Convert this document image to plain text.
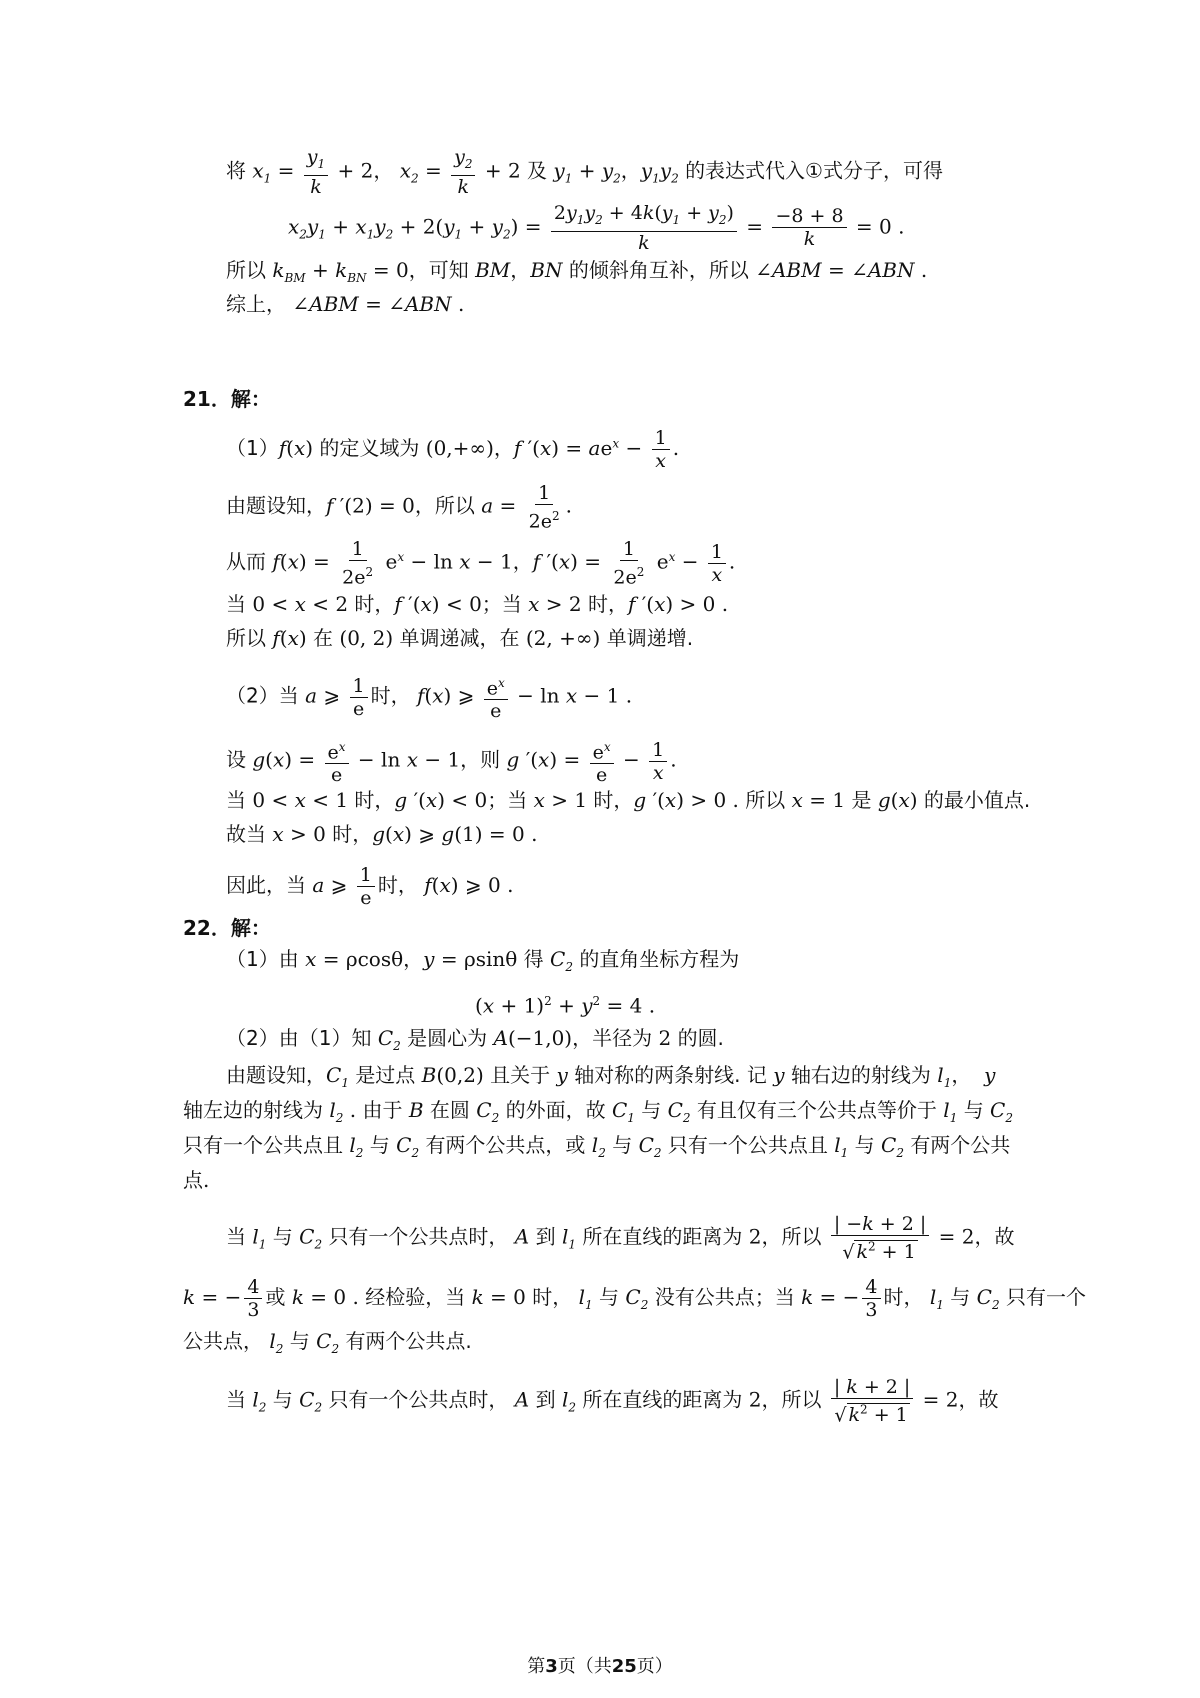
将 $x_1 = \frac{y_1}{k} + 2$， $x_2 = \frac{y_2}{k} + 2$ 及 $y_1 + y_2$，$y_1y_2$ 的表达式代入①式分子，可得
$x_2y_1 + x_1y_2 + 2(y_1 + y_2) = \frac{2y_1y_2 + 4k(y_1 + y_2)}{k} = \frac{-8 + 8}{k} = 0$ .
所以 $k_{BM} + k_{BN} = 0$，可知 BM，BN 的倾斜角互补，所以 ∠ABM = ∠ABN .
综上， ∠ABM = ∠ABN .
21．解：
（1）f(x) 的定义域为 (0,+∞)，f $'(x) = ae^x - \frac{1}{x}$ .
由题设知，f ′(2) = 0，所以 $a = \frac{1}{2e^2}$ .
从而 $f(x) = \frac{1}{2e^2} e^x - \ln x - 1$，f $'(x) = \frac{1}{2e^2} e^x - \frac{1}{x}$ .
当 0 < x < 2 时，f ′(x) < 0；当 x > 2 时，f ′(x) > 0 .
所以 f(x) 在 (0, 2) 单调递减，在 (2, +∞) 单调递增.
（2）当 a ⩾ $\frac{1}{e}$ 时， f(x) ⩾ $\frac{e^x}{e} - \ln x - 1$ .
设 $g(x) = \frac{e^x}{e} - \ln x - 1$，则 g $'(x) = \frac{e^x}{e} - \frac{1}{x}$ .
当 0 < x < 1 时，g ′(x) < 0；当 x > 1 时，g ′(x) > 0 . 所以 x = 1 是 g(x) 的最小值点.
故当 x > 0 时，g(x) ⩾ g(1) = 0 .
因此，当 a ⩾ $\frac{1}{e}$ 时， f(x) ⩾ 0 .
22．解：
（1）由 x = ρcosθ，y = ρsinθ 得 $C_2$ 的直角坐标方程为
$(x + 1)^2 + y^2 = 4$ .
（2）由（1）知 $C_2$ 是圆心为 A(−1,0)，半径为 2 的圆.
由题设知，$C_1$ 是过点 B(0,2) 且关于 y 轴对称的两条射线. 记 y 轴右边的射线为 $l_1$，  y
轴左边的射线为 $l_2$ . 由于 B 在圆 $C_2$ 的外面，故 $C_1$ 与 $C_2$ 有且仅有三个公共点等价于 $l_1$ 与 $C_2$
只有一个公共点且 $l_2$ 与 $C_2$ 有两个公共点，或 $l_2$ 与 $C_2$ 只有一个公共点且 $l_1$ 与 $C_2$ 有两个公共
点.
当 $l_1$ 与 $C_2$ 只有一个公共点时， A 到 $l_1$ 所在直线的距离为 2，所以 $\frac{| -k + 2 |}{√ k^2 + 1} = 2$，故
k = − $\frac{4}{3}$ 或 k = 0 . 经检验，当 k = 0 时， $l_1$ 与 $C_2$ 没有公共点；当 k = − $\frac{4}{3}$ 时， $l_1$ 与 $C_2$ 只有一个
公共点， $l_2$ 与 $C_2$ 有两个公共点.
当 $l_2$ 与 $C_2$ 只有一个公共点时， A 到 $l_2$ 所在直线的距离为 2，所以 $\frac{| k + 2 |}{√ k^2 + 1} = 2$，故
第3页（共25页）
